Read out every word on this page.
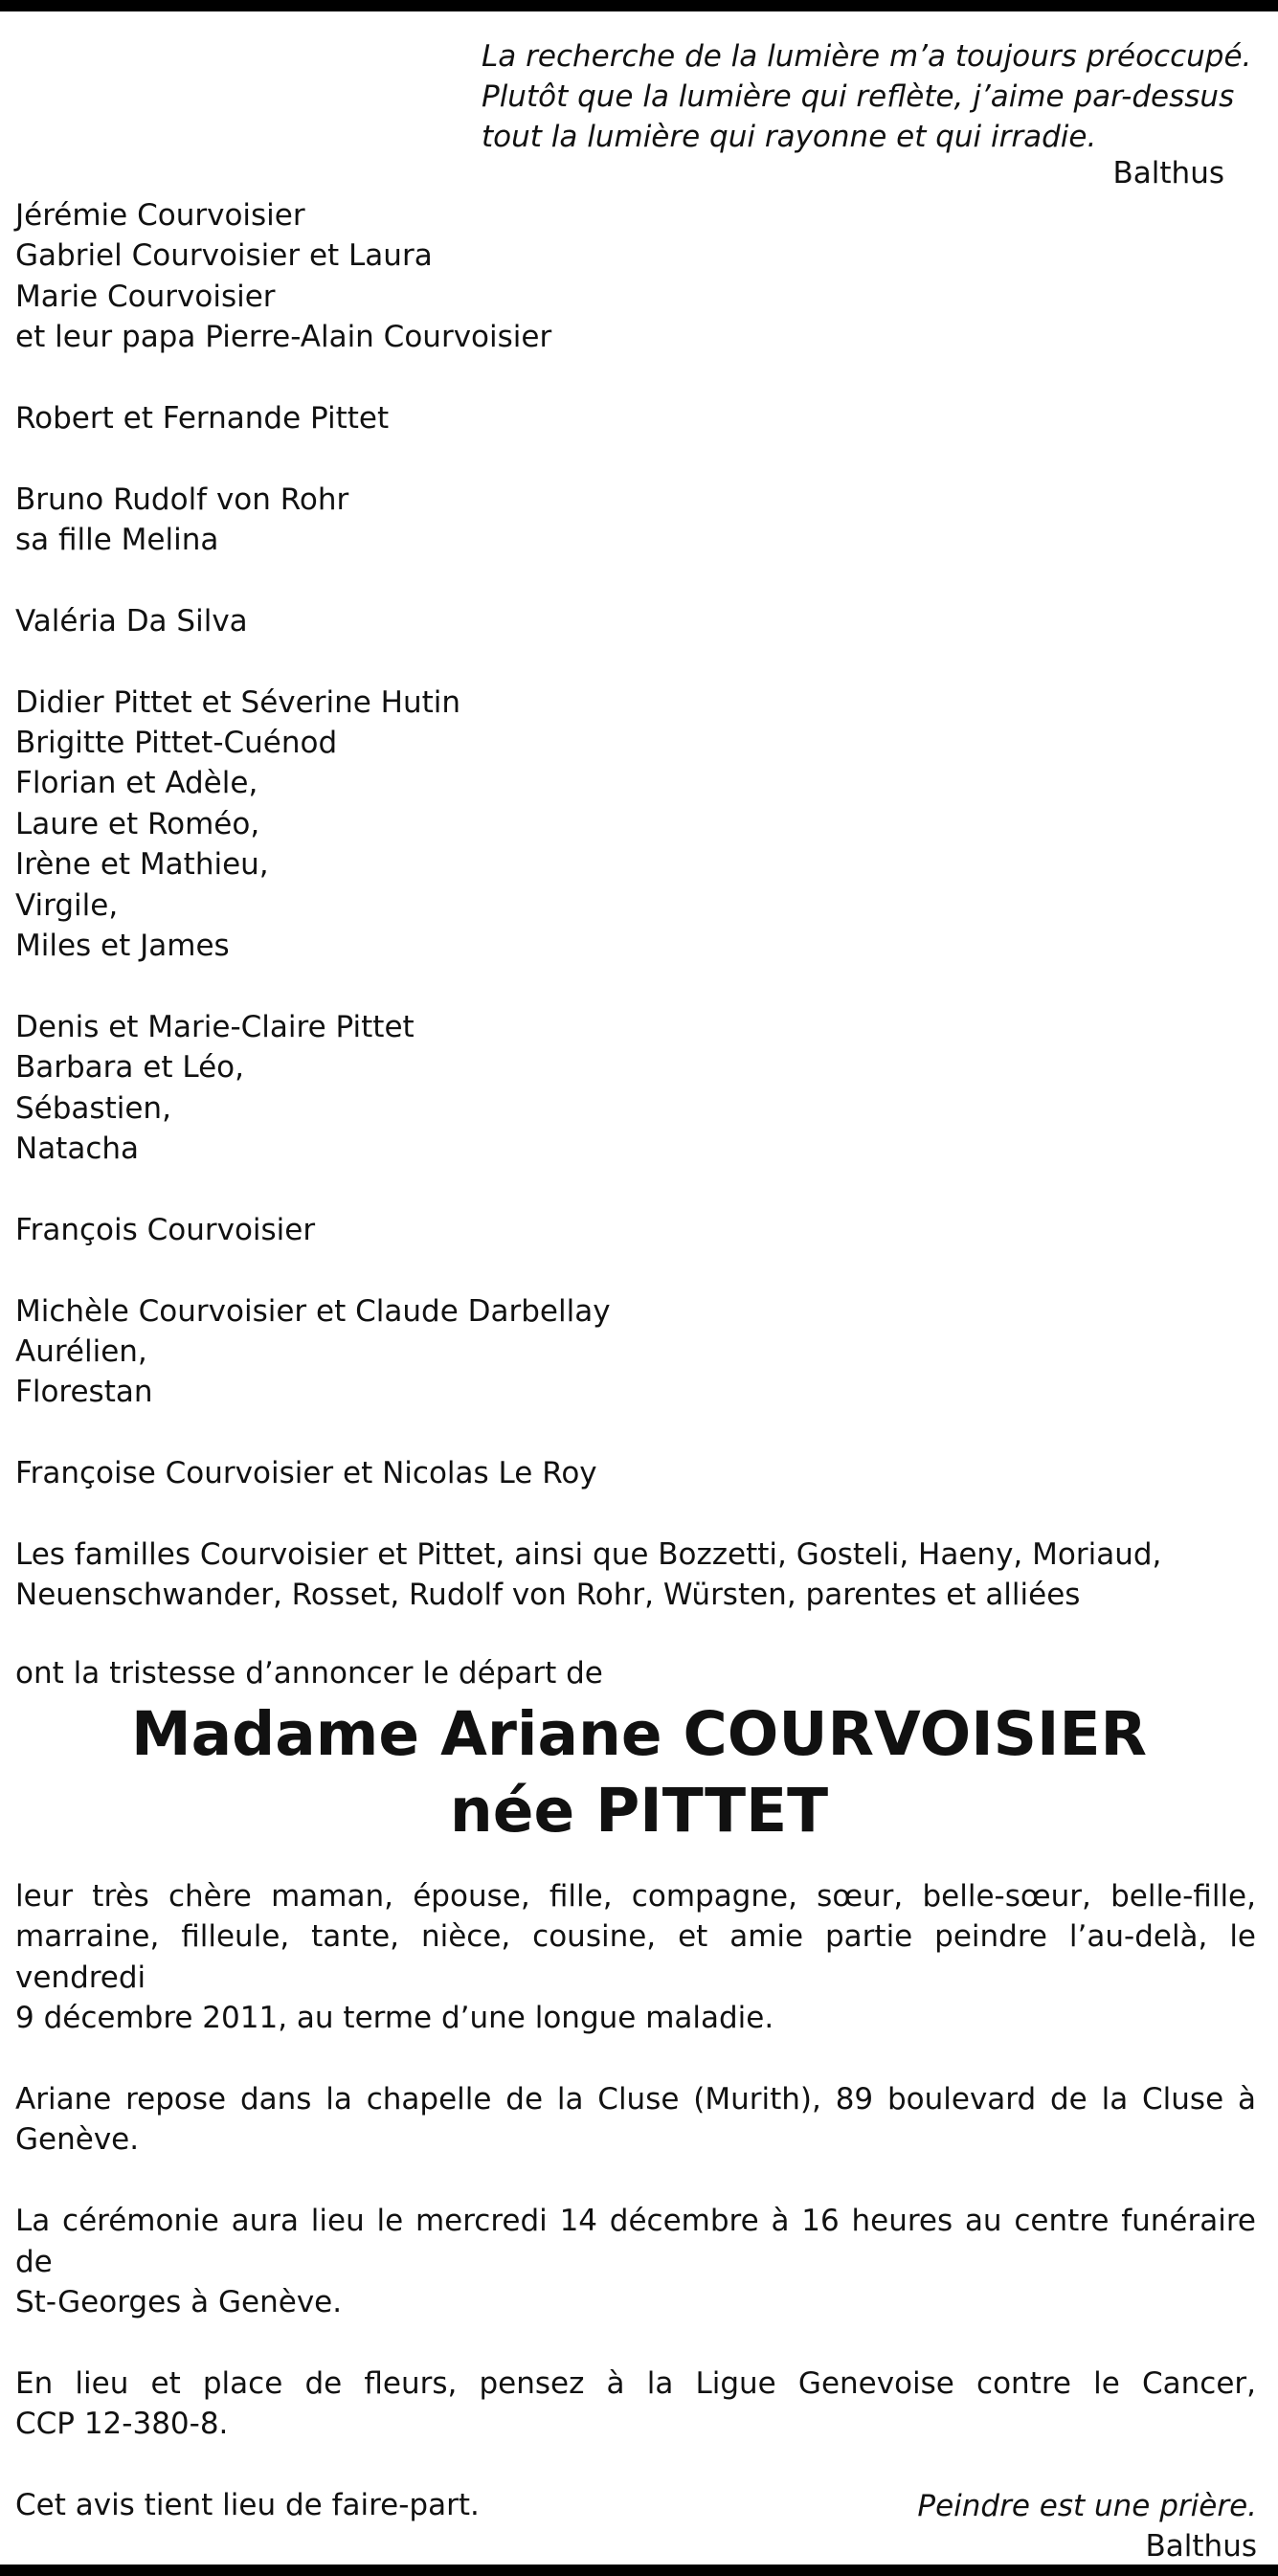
La recherche de la lumière m’a toujours préoccupé.
Plutôt que la lumière qui reflète, j’aime par-dessus
tout la lumière qui rayonne et qui irradie.
Balthus
Jérémie Courvoisier
Gabriel Courvoisier et Laura
Marie Courvoisier
et leur papa Pierre-Alain Courvoisier
Robert et Fernande Pittet
Bruno Rudolf von Rohr
sa fille Melina
Valéria Da Silva
Didier Pittet et Séverine Hutin
Brigitte Pittet-Cuénod
Florian et Adèle,
Laure et Roméo,
Irène et Mathieu,
Virgile,
Miles et James
Denis et Marie-Claire Pittet
Barbara et Léo,
Sébastien,
Natacha
François Courvoisier
Michèle Courvoisier et Claude Darbellay
Aurélien,
Florestan
Françoise Courvoisier et Nicolas Le Roy
Les familles Courvoisier et Pittet, ainsi que Bozzetti, Gosteli, Haeny, Moriaud,
Neuenschwander, Rosset, Rudolf von Rohr, Würsten, parentes et alliées
ont la tristesse d’annoncer le départ de
Madame Ariane COURVOISIER
née PITTET
leur très chère maman, épouse, fille, compagne, sœur, belle-sœur, belle-fille,
marraine, filleule, tante, nièce, cousine, et amie partie peindre l’au-delà, le vendredi
9 décembre 2011, au terme d’une longue maladie.
Ariane repose dans la chapelle de la Cluse (Murith), 89 boulevard de la Cluse à
Genève.
La cérémonie aura lieu le mercredi 14 décembre à 16 heures au centre funéraire de
St-Georges à Genève.
En lieu et place de fleurs, pensez à la Ligue Genevoise contre le Cancer,
CCP 12-380-8.
Cet avis tient lieu de faire-part.	Peindre est une prière.
Balthus
